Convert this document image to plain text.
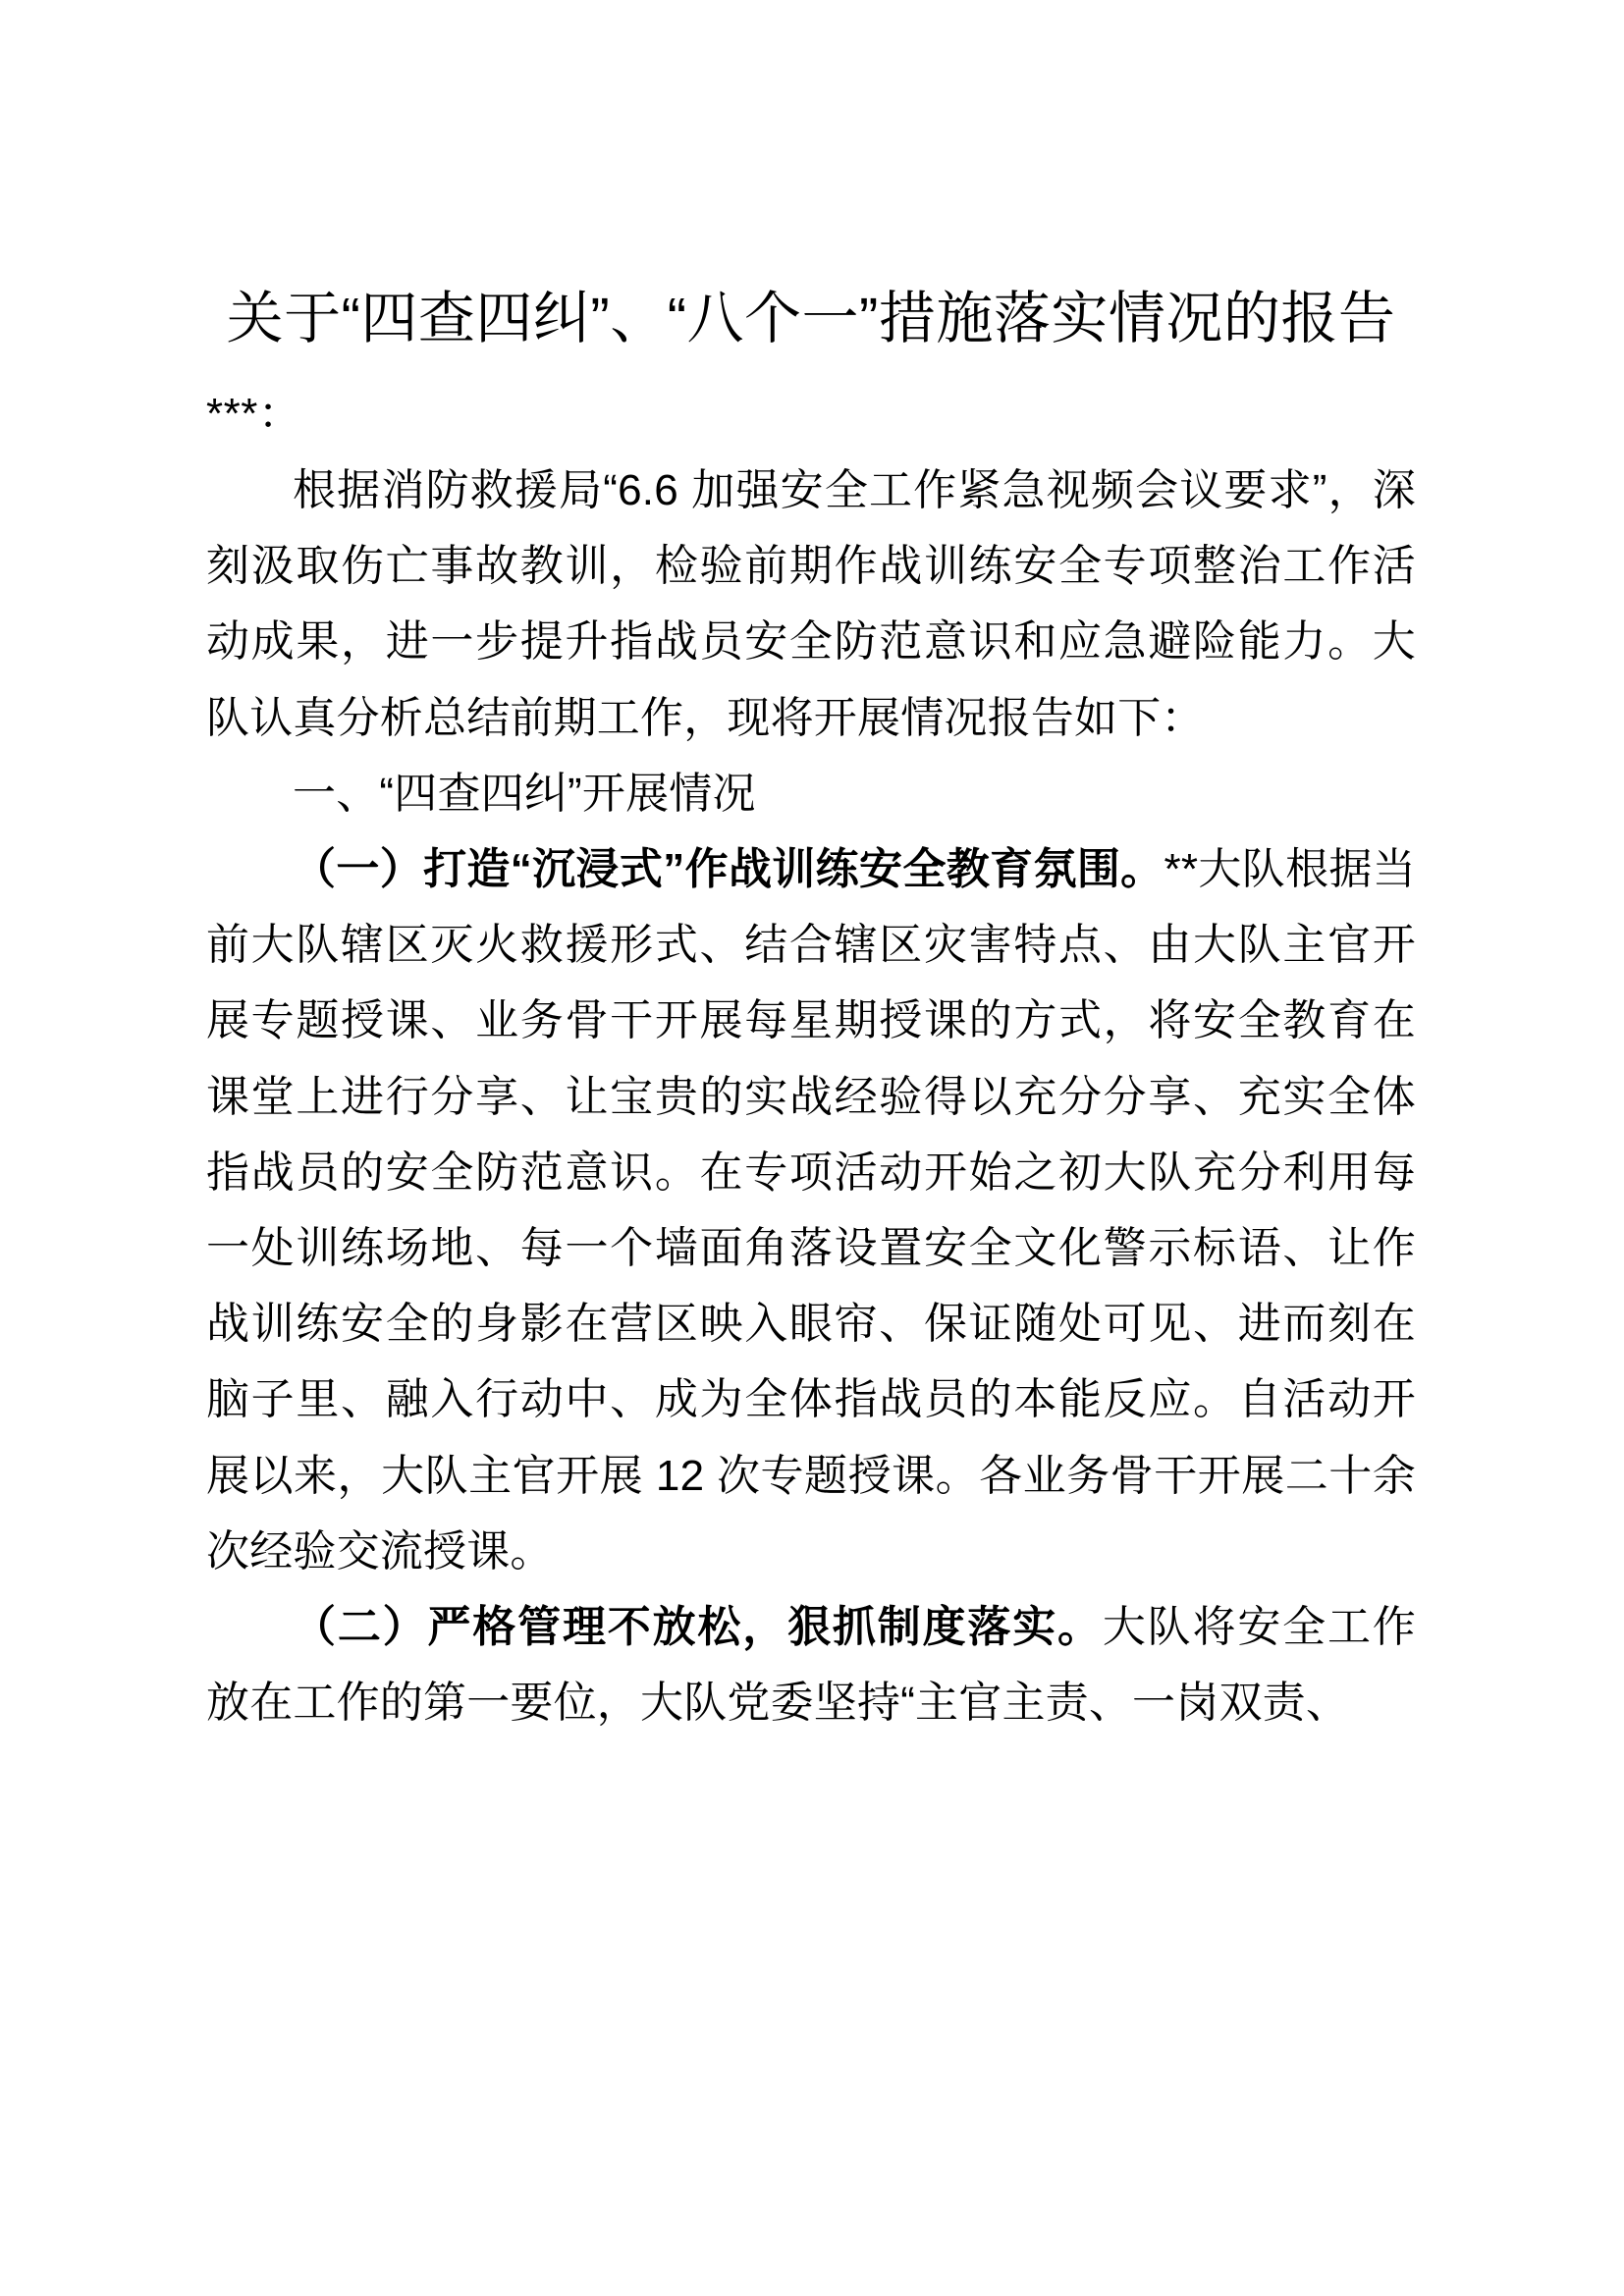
关于“四查四纠”、“八个一”措施落实情况的报告

***：

根据消防救援局“6.6 加强安全工作紧急视频会议要求”，深刻汲取伤亡事故教训，检验前期作战训练安全专项整治工作活动成果，进一步提升指战员安全防范意识和应急避险能力。大队认真分析总结前期工作，现将开展情况报告如下：

一、“四查四纠”开展情况

（一）打造“沉浸式”作战训练安全教育氛围。**大队根据当前大队辖区灭火救援形式、结合辖区灾害特点、由大队主官开展专题授课、业务骨干开展每星期授课的方式，将安全教育在课堂上进行分享、让宝贵的实战经验得以充分分享、充实全体指战员的安全防范意识。在专项活动开始之初大队充分利用每一处训练场地、每一个墙面角落设置安全文化警示标语、让作战训练安全的身影在营区映入眼帘、保证随处可见、进而刻在脑子里、融入行动中、成为全体指战员的本能反应。自活动开展以来，大队主官开展 12 次专题授课。各业务骨干开展二十余次经验交流授课。

（二）严格管理不放松，狠抓制度落实。大队将安全工作放在工作的第一要位，大队党委坚持“主官主责、一岗双责、
